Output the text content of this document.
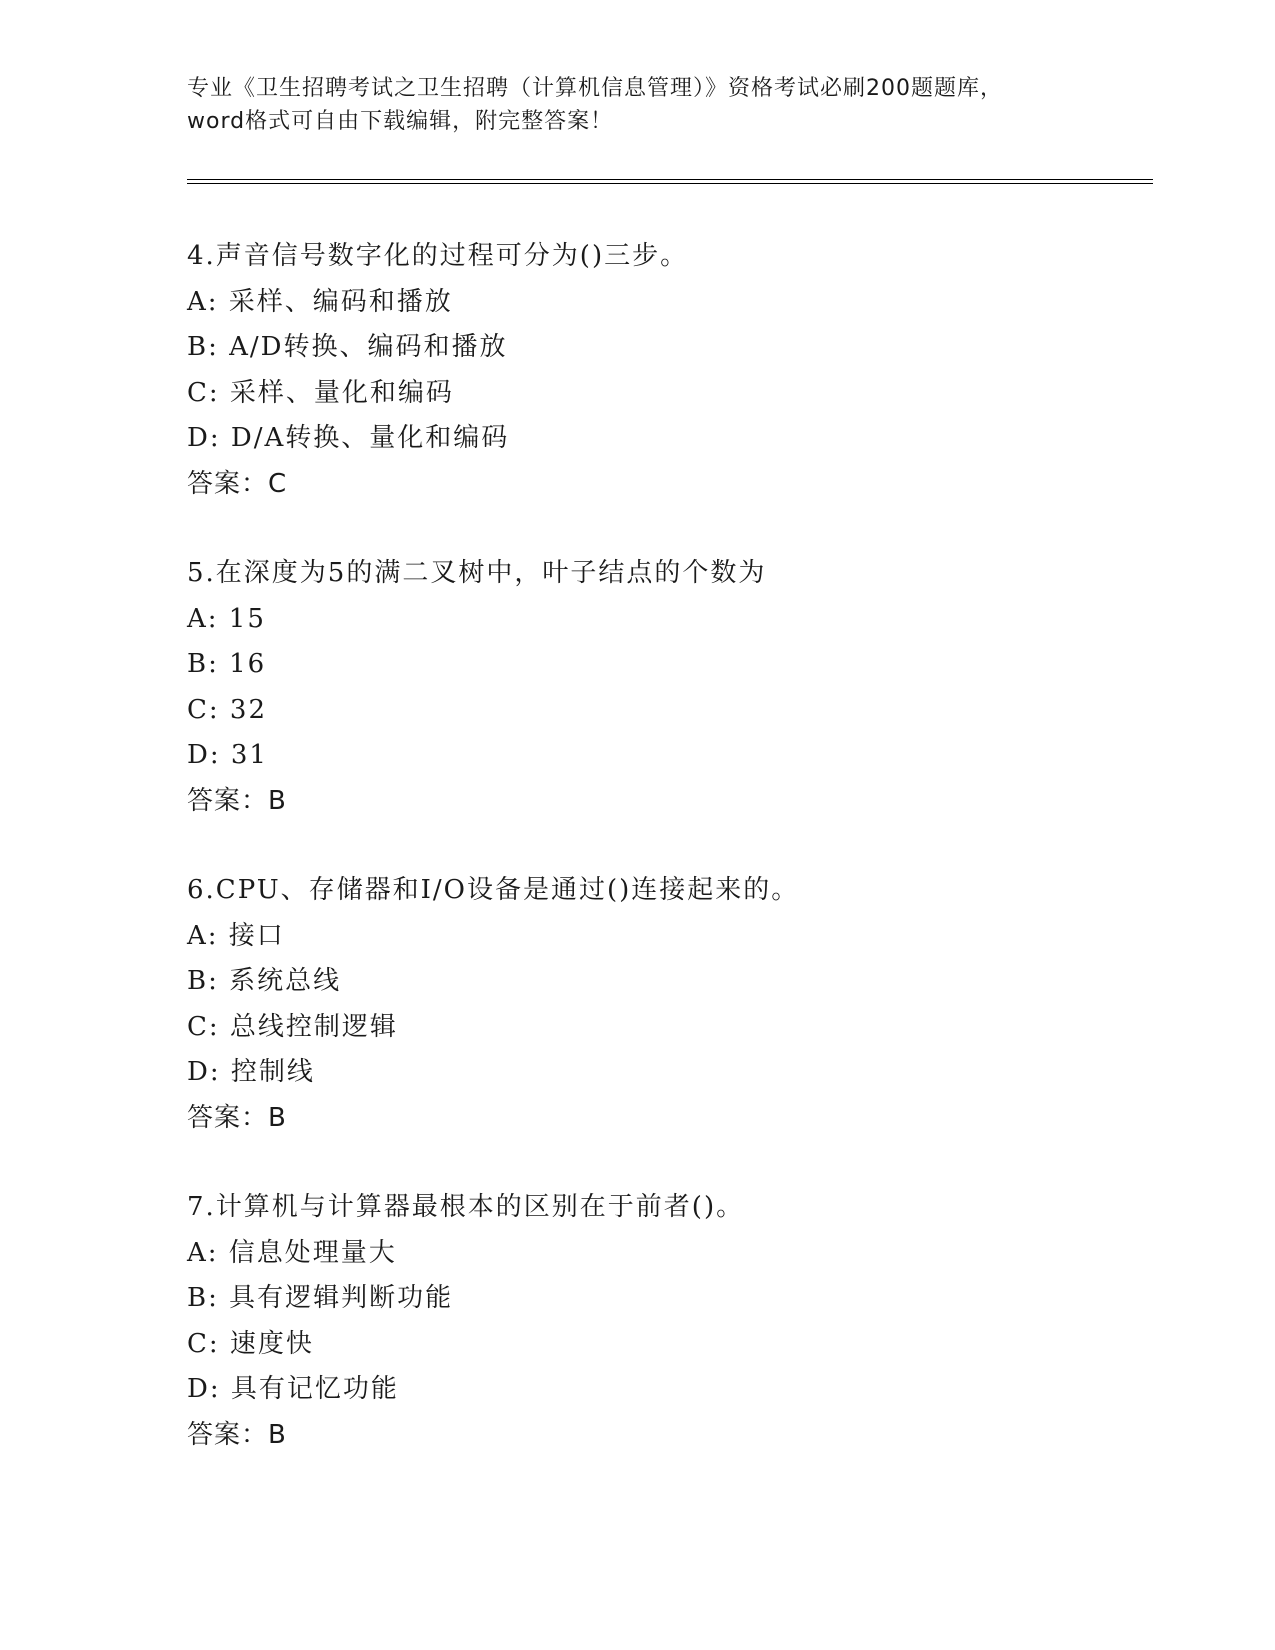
专业《卫生招聘考试之卫生招聘（计算机信息管理）》资格考试必刷200题题库，
word格式可自由下载编辑，附完整答案！
4.声音信号数字化的过程可分为()三步。
A: 采样、编码和播放
B: A/D转换、编码和播放
C: 采样、量化和编码
D: D/A转换、量化和编码
答案：C
5.在深度为5的满二叉树中，叶子结点的个数为
A: 15
B: 16
C: 32
D: 31
答案：B
6.CPU、存储器和I/O设备是通过()连接起来的。
A: 接口
B: 系统总线
C: 总线控制逻辑
D: 控制线
答案：B
7.计算机与计算器最根本的区别在于前者()。
A: 信息处理量大
B: 具有逻辑判断功能
C: 速度快
D: 具有记忆功能
答案：B
